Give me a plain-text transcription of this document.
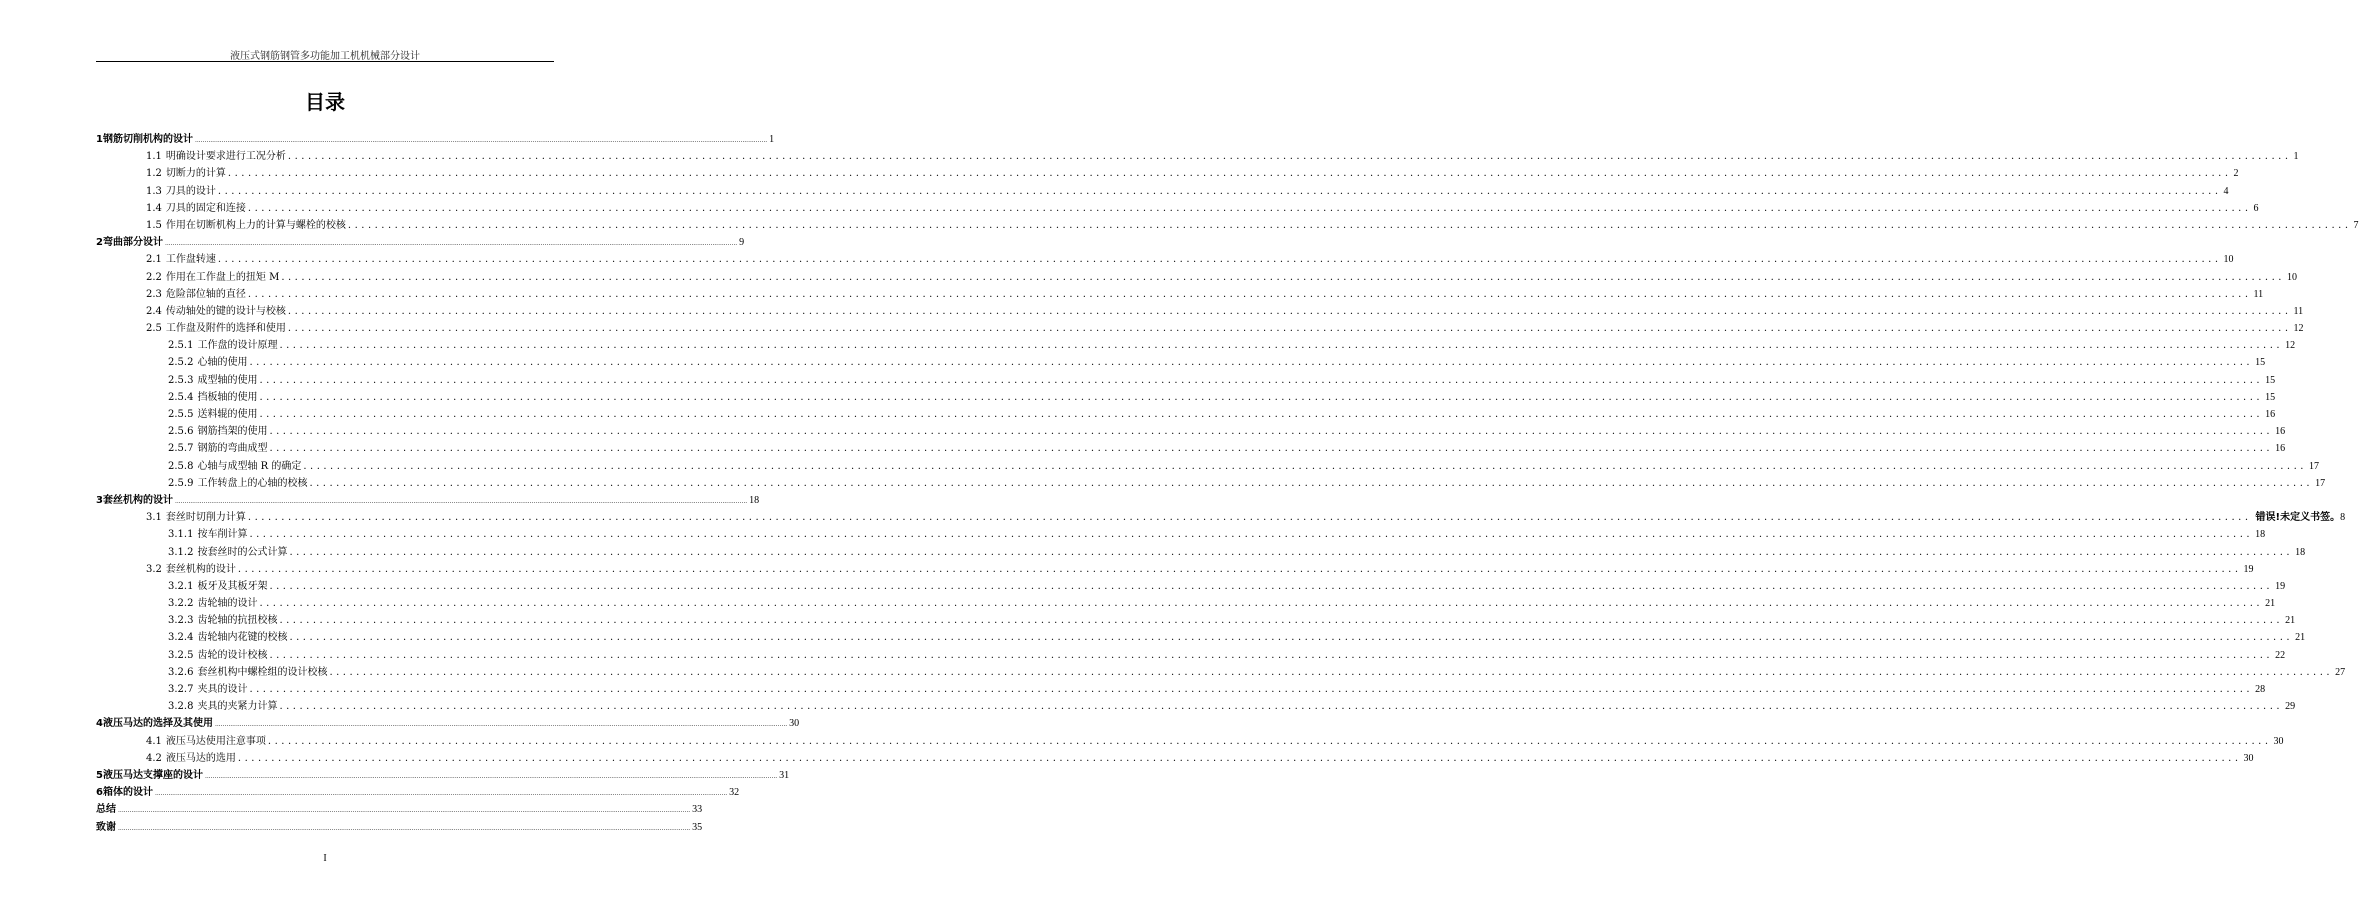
液压式钢筋钢管多功能加工机机械部分设计
目录
1 钢筋切削机构的设计 ............................................................................................................................................................................................................................................................................................................ 1
1.1 明确设计要求进行工况分析 ............................................................................................................................................................................................................................................................................................................ 1
1.2 切断力的计算 ............................................................................................................................................................................................................................................................................................................ 2
1.3 刀具的设计 ............................................................................................................................................................................................................................................................................................................ 4
1.4 刀具的固定和连接 ............................................................................................................................................................................................................................................................................................................ 6
1.5 作用在切断机构上力的计算与螺栓的校核 ............................................................................................................................................................................................................................................................................................................ 7
2 弯曲部分设计 ............................................................................................................................................................................................................................................................................................................ 9
2.1 工作盘转速 ............................................................................................................................................................................................................................................................................................................ 10
2.2 作用在工作盘上的扭矩 M ............................................................................................................................................................................................................................................................................................................ 10
2.3 危险部位轴的直径 ............................................................................................................................................................................................................................................................................................................ 11
2.4 传动轴处的键的设计与校核 ............................................................................................................................................................................................................................................................................................................ 11
2.5 工作盘及附件的选择和使用 ............................................................................................................................................................................................................................................................................................................ 12
2.5.1 工作盘的设计原理 ............................................................................................................................................................................................................................................................................................................ 12
2.5.2 心轴的使用 ............................................................................................................................................................................................................................................................................................................ 15
2.5.3 成型轴的使用 ............................................................................................................................................................................................................................................................................................................ 15
2.5.4 挡板轴的使用 ............................................................................................................................................................................................................................................................................................................ 15
2.5.5 送料辊的使用 ............................................................................................................................................................................................................................................................................................................ 16
2.5.6 钢筋挡架的使用 ............................................................................................................................................................................................................................................................................................................ 16
2.5.7 钢筋的弯曲成型 ............................................................................................................................................................................................................................................................................................................ 16
2.5.8 心轴与成型轴 R 的确定 ............................................................................................................................................................................................................................................................................................................ 17
2.5.9 工作转盘上的心轴的校核 ............................................................................................................................................................................................................................................................................................................ 17
3 套丝机构的设计 ............................................................................................................................................................................................................................................................................................................ 18
3.1 套丝时切削力计算 ............................................................................................................................................................................................................................................................................................................ 错误!未定义书签。 8
3.1.1 按车削计算 ............................................................................................................................................................................................................................................................................................................ 18
3.1.2 按套丝时的公式计算 ............................................................................................................................................................................................................................................................................................................ 18
3.2 套丝机构的设计 ............................................................................................................................................................................................................................................................................................................ 19
3.2.1 板牙及其板牙架 ............................................................................................................................................................................................................................................................................................................ 19
3.2.2 齿轮轴的设计 ............................................................................................................................................................................................................................................................................................................ 21
3.2.3 齿轮轴的抗扭校核 ............................................................................................................................................................................................................................................................................................................ 21
3.2.4 齿轮轴内花键的校核 ............................................................................................................................................................................................................................................................................................................ 21
3.2.5 齿轮的设计校核 ............................................................................................................................................................................................................................................................................................................ 22
3.2.6 套丝机构中螺栓组的设计校核 ............................................................................................................................................................................................................................................................................................................ 27
3.2.7 夹具的设计 ............................................................................................................................................................................................................................................................................................................ 28
3.2.8 夹具的夹紧力计算 ............................................................................................................................................................................................................................................................................................................ 29
4 液压马达的选择及其使用 ............................................................................................................................................................................................................................................................................................................ 30
4.1 液压马达使用注意事项 ............................................................................................................................................................................................................................................................................................................ 30
4.2 液压马达的选用 ............................................................................................................................................................................................................................................................................................................ 30
5 液压马达支撑座的设计 ............................................................................................................................................................................................................................................................................................................ 31
6 箱体的设计 ............................................................................................................................................................................................................................................................................................................ 32
总结 ............................................................................................................................................................................................................................................................................................................ 33
致谢 ............................................................................................................................................................................................................................................................................................................ 35
I
